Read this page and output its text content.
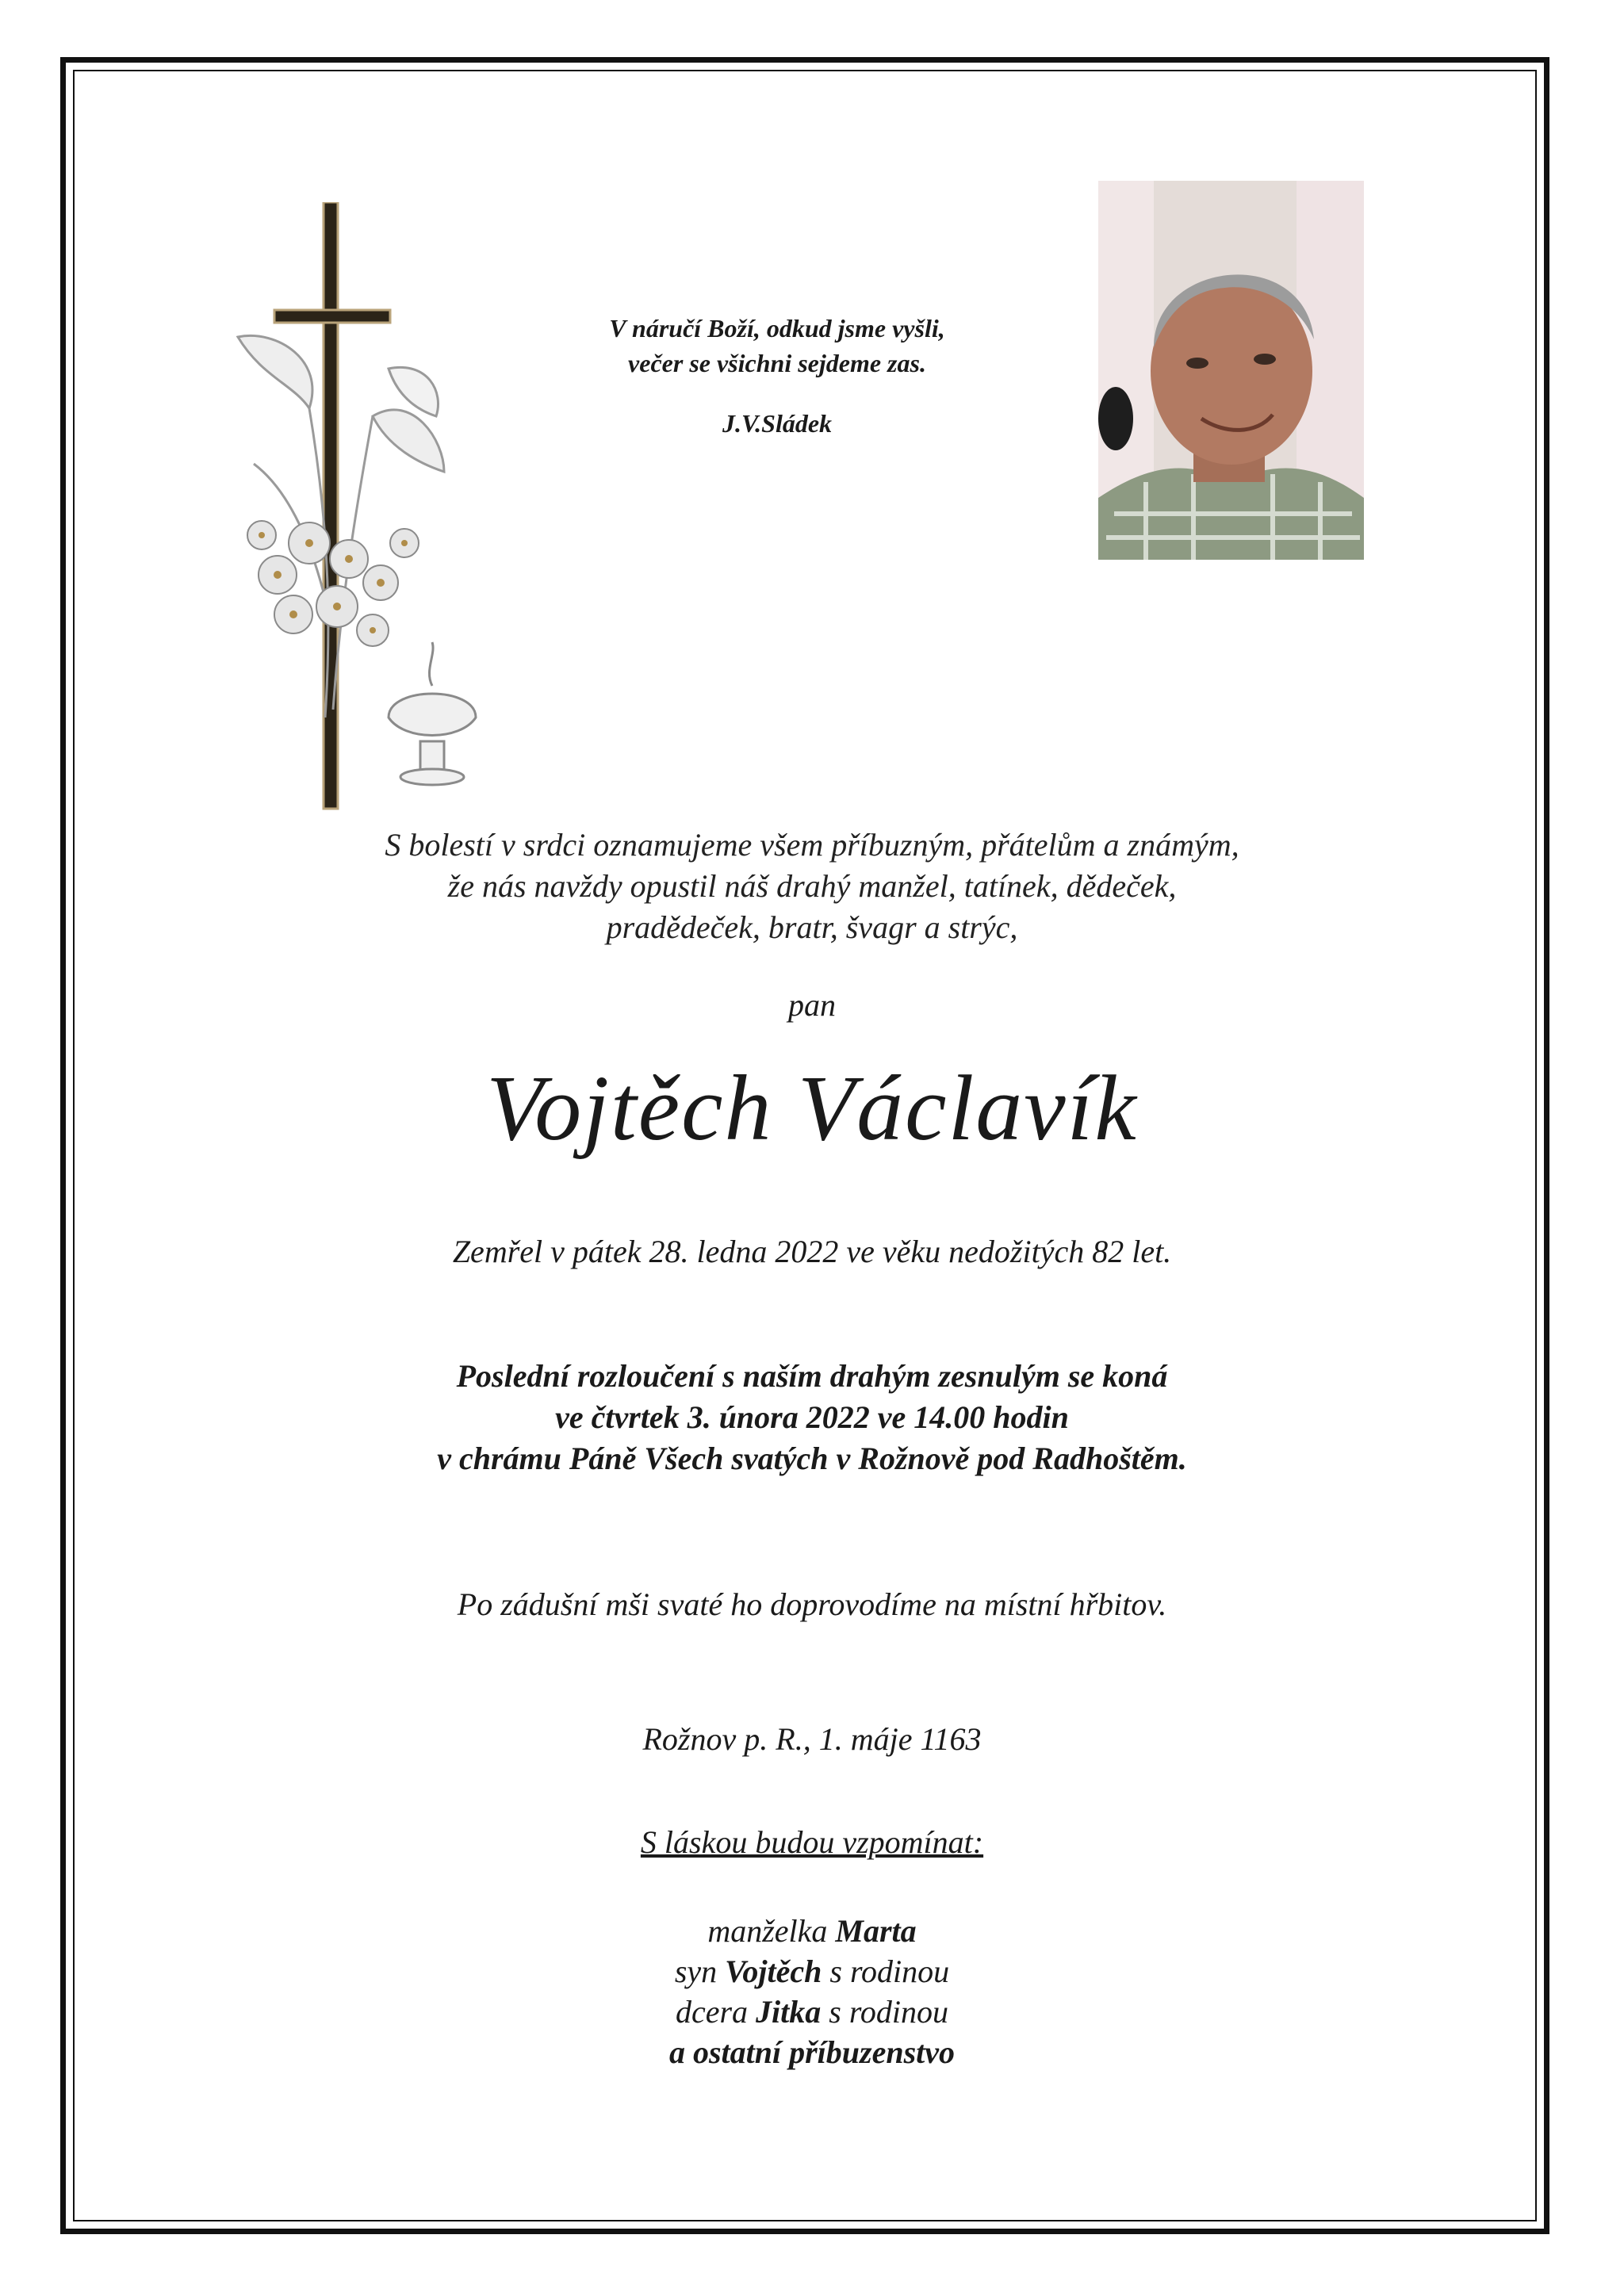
V náručí Boží, odkud jsme vyšli,
večer se všichni sejdeme zas.
J.V.Sládek
S bolestí v srdci oznamujeme všem příbuzným, přátelům a známým,
že nás navždy opustil náš drahý manžel, tatínek, dědeček,
pradědeček, bratr, švagr a strýc,
pan
Vojtěch Václavík
Zemřel v pátek 28. ledna 2022 ve věku nedožitých 82 let.
Poslední rozloučení s naším drahým zesnulým se koná
ve čtvrtek 3. února 2022 ve 14.00 hodin
v chrámu Páně Všech svatých v Rožnově pod Radhoštěm.
Po zádušní mši svaté ho doprovodíme na místní hřbitov.
Rožnov p. R., 1. máje 1163
S láskou budou vzpomínat:
manželka Marta
syn Vojtěch s rodinou
dcera Jitka s rodinou
a ostatní příbuzenstvo
